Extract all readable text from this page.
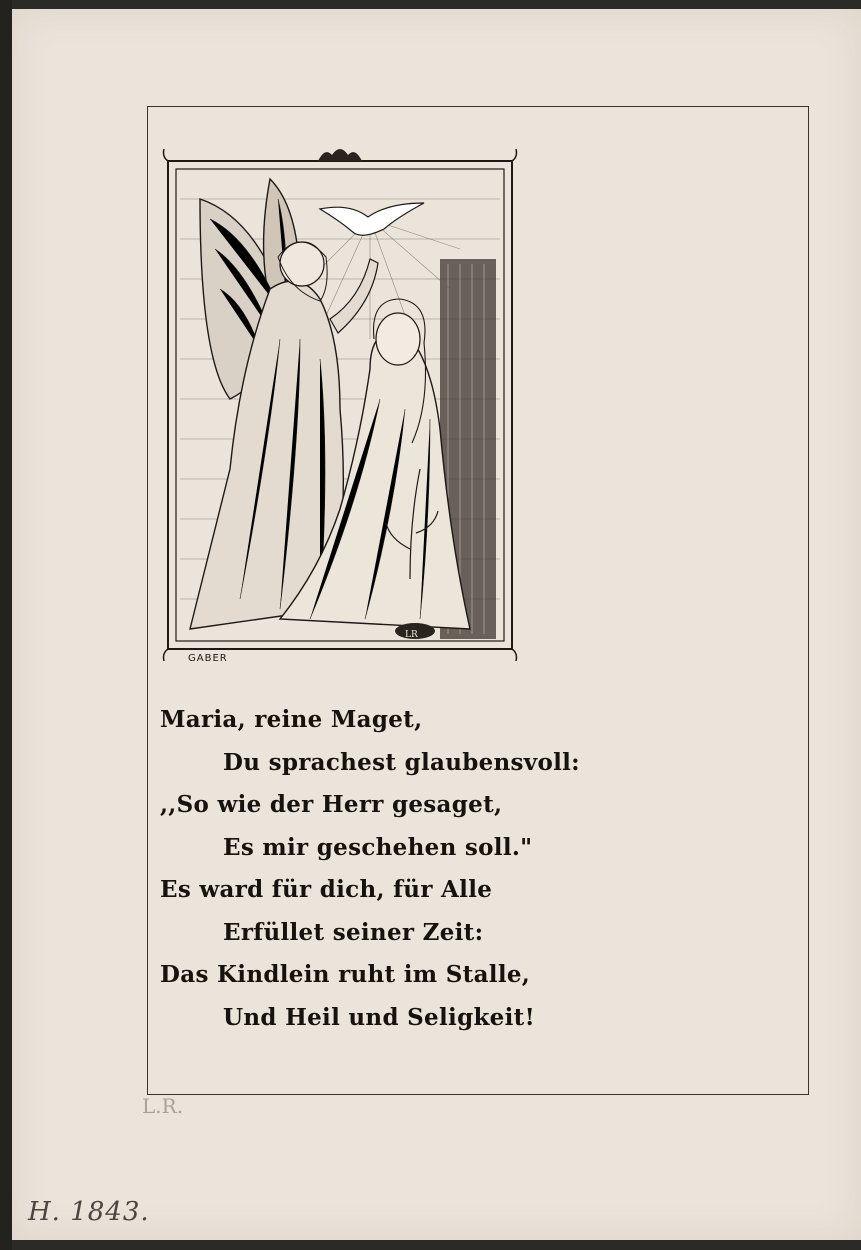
LR
GABER
Maria, reine Maget,
Du sprachest glaubensvoll:
,,So wie der Herr gesaget,
Es mir geschehen soll."
Es ward für dich, für Alle
Erfüllet seiner Zeit:
Das Kindlein ruht im Stalle,
Und Heil und Seligkeit!
L.R.
H. 1843.
